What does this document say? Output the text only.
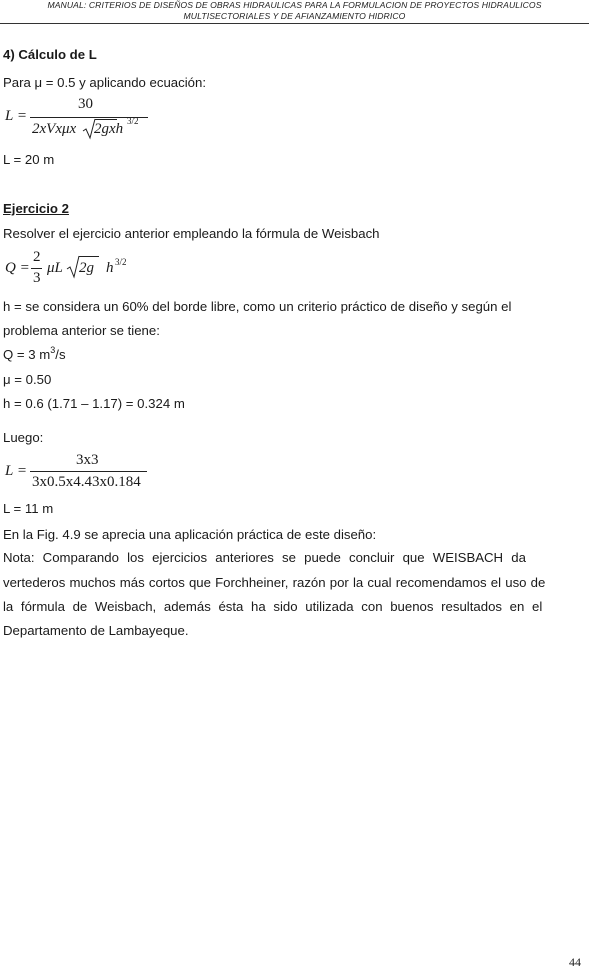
MANUAL: CRITERIOS DE DISEÑOS DE OBRAS HIDRAULICAS PARA LA FORMULACION DE PROYECTOS HIDRAULICOS
MULTISECTORIALES Y DE AFIANZAMIENTO HIDRICO
4) Cálculo de L
Para μ = 0.5 y aplicando ecuación:
L =
30
2xVxμx 2gxh 3/2
L = 20 m
Ejercicio 2
Resolver el ejercicio anterior empleando la fórmula de Weisbach
Q =
2
3
μL 2g h 3/2
h = se considera un 60% del borde libre, como un criterio práctico de diseño y según el
problema anterior se tiene:
Q = 3 $m^3/s$
μ = 0.50
h = 0.6 (1.71 – 1.17) = 0.324 m
Luego:
L =
3x3
3x0.5x4.43x0.184
L = 11 m
En la Fig. 4.9 se aprecia una aplicación práctica de este diseño:
Nota: Comparando los ejercicios anteriores se puede concluir que WEISBACH da
vertederos muchos más cortos que Forchheiner, razón por la cual recomendamos el uso de
la fórmula de Weisbach, además ésta ha sido utilizada con buenos resultados en el
Departamento de Lambayeque.
44
